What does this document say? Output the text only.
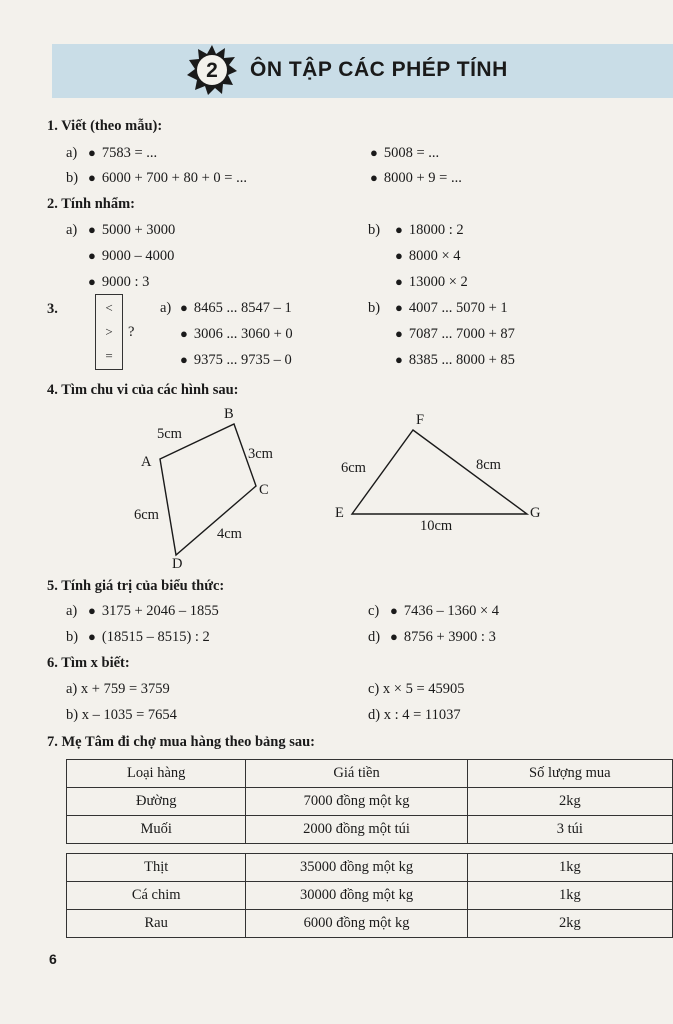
2 ÔN TẬP CÁC PHÉP TÍNH
1. Viết (theo mẫu):
a) ● 7583 = ...	● 5008 = ...
b) ● 6000 + 700 + 80 + 0 = ...	● 8000 + 9 = ...
2. Tính nhẩm:
a) ● 5000 + 3000
● 9000 – 4000
● 9000 : 3
b) ● 18000 : 2
● 8000 × 4
● 13000 × 2
3.	<
>
=
?
a) ● 8465 ... 8547 – 1
● 3006 ... 3060 + 0
● 9375 ... 9735 – 0
b) ● 4007 ... 5070 + 1
● 7087 ... 7000 + 87
● 8385 ... 8000 + 85
4. Tìm chu vi của các hình sau:
A
B
C
D
5cm
3cm
4cm
6cm	E
F
G
6cm	8cm
10cm
5. Tính giá trị của biểu thức:
a) ● 3175 + 2046 – 1855	c) ● 7436 – 1360 × 4
b) ● (18515 – 8515) : 2	d) ● 8756 + 3900 : 3
6. Tìm x biết:
a) x + 759 = 3759	c) x × 5 = 45905
b) x – 1035 = 7654	d) x : 4 = 11037
7. Mẹ Tâm đi chợ mua hàng theo bảng sau:
Loại hàng	Giá tiền	Số lượng mua
Đường	7000 đồng một kg	2kg
Muối	2000 đồng một túi	3 túi
Thịt	35000 đồng một kg	1kg
Cá chim	30000 đồng một kg	1kg
Rau	6000 đồng một kg	2kg
6
